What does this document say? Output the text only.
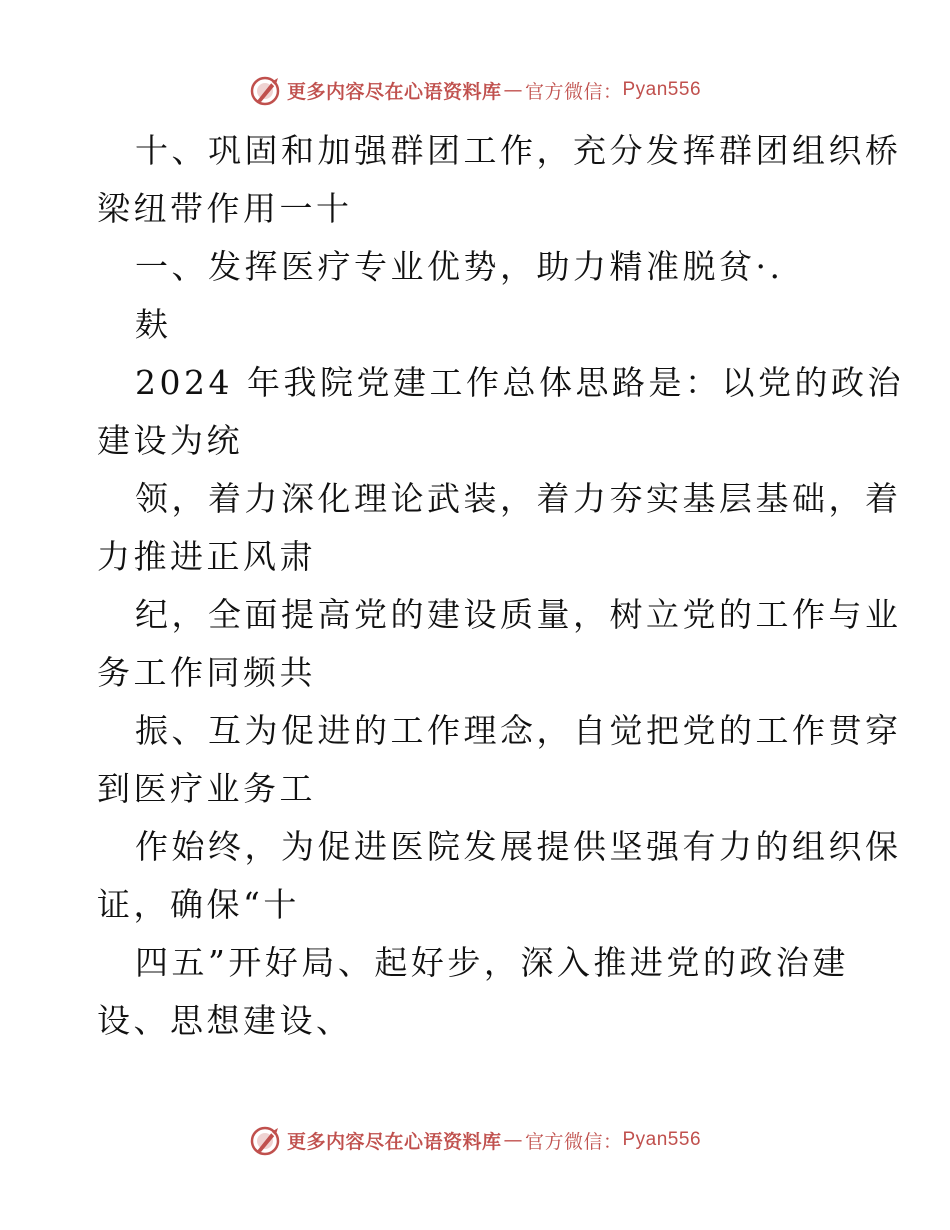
更多内容尽在心语资料库 — 官方微信： Pyan556
十、巩固和加强群团工作，充分发挥群团组织桥
梁纽带作用一十
一、发挥医疗专业优势，助力精准脱贫·.
麸
2024 年我院党建工作总体思路是：以党的政治
建设为统
领，着力深化理论武装，着力夯实基层基础，着
力推进正风肃
纪，全面提高党的建设质量，树立党的工作与业
务工作同频共
振、互为促进的工作理念，自觉把党的工作贯穿
到医疗业务工
作始终，为促进医院发展提供坚强有力的组织保
证，确保“十
四五”开好局、起好步，深入推进党的政治建
设、思想建设、
更多内容尽在心语资料库 — 官方微信： Pyan556
